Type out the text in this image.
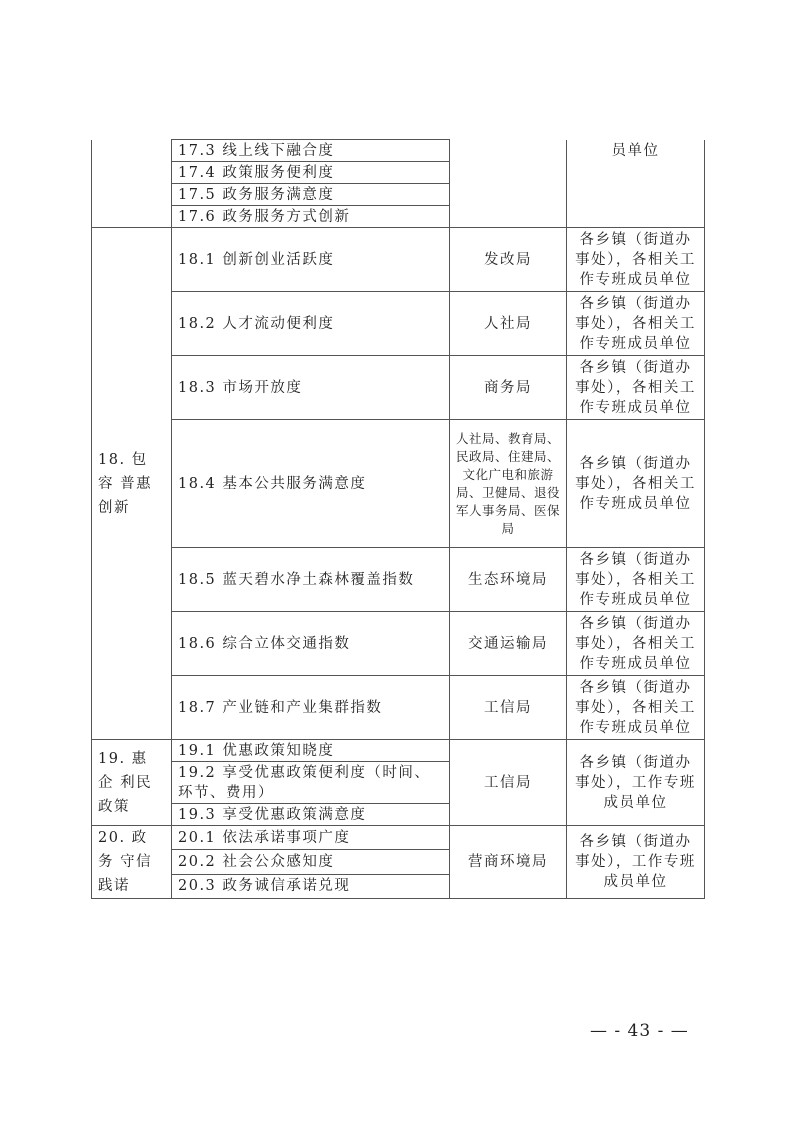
	17.3 线上线下融合度		员单位
	17.4 政策服务便利度		
	17.5 政务服务满意度		
	17.6 政务服务方式创新		
18. 包 容 普惠创新	18.1 创新创业活跃度	发改局	各乡镇（街道办事处），各相关工作专班成员单位
	18.2 人才流动便利度	人社局	各乡镇（街道办事处），各相关工作专班成员单位
	18.3 市场开放度	商务局	各乡镇（街道办事处），各相关工作专班成员单位
	18.4 基本公共服务满意度	人社局、教育局、民政局、住建局、文化广电和旅游局、卫健局、退役军人事务局、医保局	各乡镇（街道办事处），各相关工作专班成员单位
	18.5 蓝天碧水净土森林覆盖指数	生态环境局	各乡镇（街道办事处），各相关工作专班成员单位
	18.6 综合立体交通指数	交通运输局	各乡镇（街道办事处），各相关工作专班成员单位
	18.7 产业链和产业集群指数	工信局	各乡镇（街道办事处），各相关工作专班成员单位
19. 惠 企 利民政策	19.1 优惠政策知晓度	工信局	各乡镇（街道办事处），工作专班成员单位
	19.2 享受优惠政策便利度（时间、环节、费用）		
	19.3 享受优惠政策满意度		
20. 政 务 守信践诺	20.1 依法承诺事项广度	营商环境局	各乡镇（街道办事处），工作专班成员单位
	20.2 社会公众感知度		
	20.3 政务诚信承诺兑现		
— - 43 - —
